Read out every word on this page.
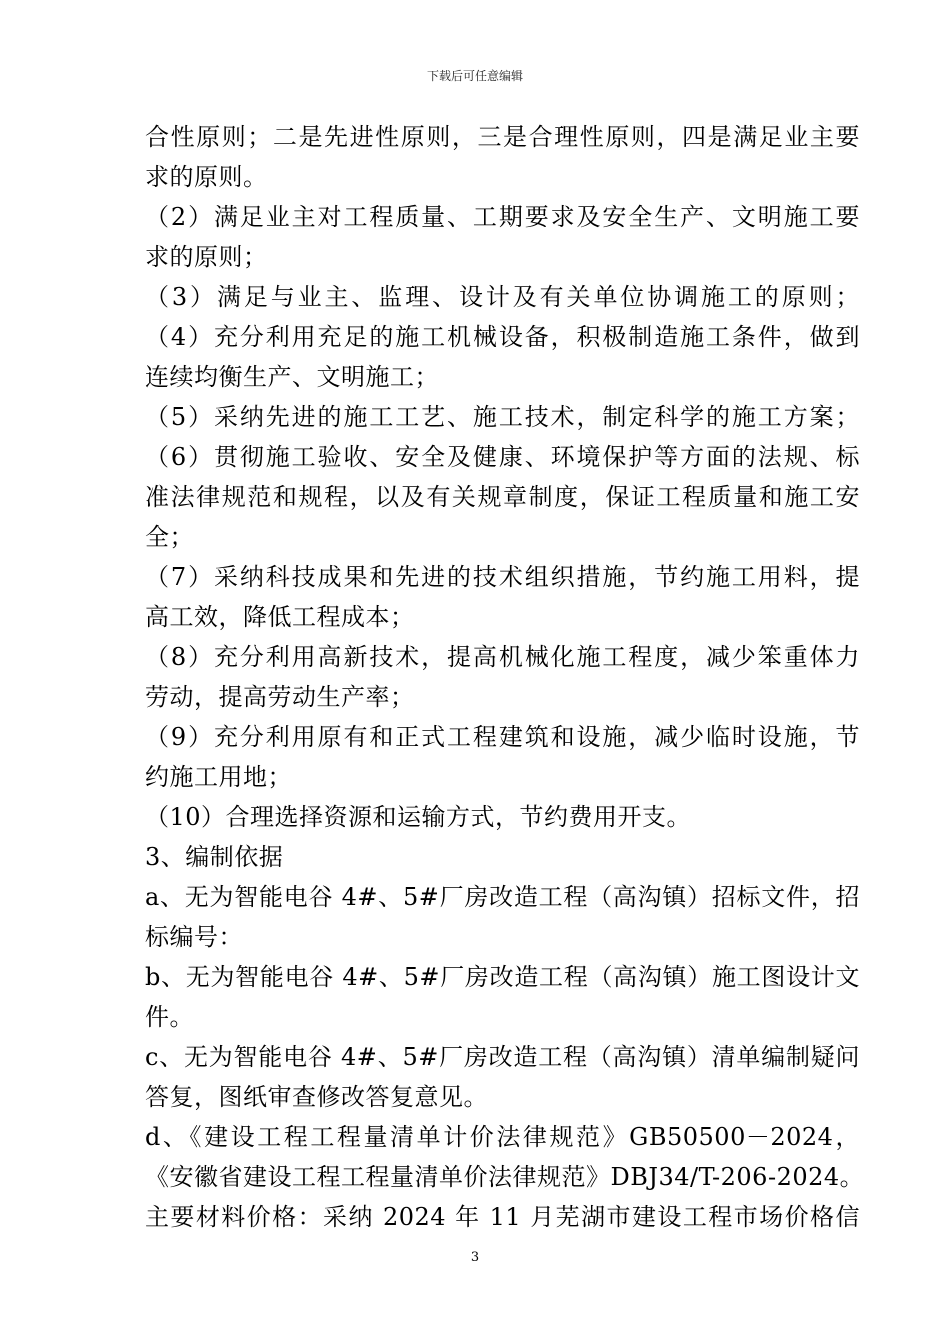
下载后可任意编辑
合性原则；二是先进性原则，三是合理性原则，四是满足业主要
求的原则。
（2）满足业主对工程质量、工期要求及安全生产、文明施工要
求的原则；
（3）满足与业主、监理、设计及有关单位协调施工的原则；
（4）充分利用充足的施工机械设备，积极制造施工条件，做到
连续均衡生产、文明施工；
（5）采纳先进的施工工艺、施工技术，制定科学的施工方案；
（6）贯彻施工验收、安全及健康、环境保护等方面的法规、标
准法律规范和规程，以及有关规章制度，保证工程质量和施工安
全；
（7）采纳科技成果和先进的技术组织措施，节约施工用料，提
高工效，降低工程成本；
（8）充分利用高新技术，提高机械化施工程度，减少笨重体力
劳动，提高劳动生产率；
（9）充分利用原有和正式工程建筑和设施，减少临时设施，节
约施工用地；
（10）合理选择资源和运输方式，节约费用开支。
3、编制依据
a、无为智能电谷 4#、5#厂房改造工程（高沟镇）招标文件，招
标编号：
b、无为智能电谷 4#、5#厂房改造工程（高沟镇）施工图设计文
件。
c、无为智能电谷 4#、5#厂房改造工程（高沟镇）清单编制疑问
答复，图纸审查修改答复意见。
d、《建设工程工程量清单计价法律规范》GB50500－2024，
《安徽省建设工程工程量清单价法律规范》DBJ34/T-206-2024。
主要材料价格：采纳 2024 年 11 月芜湖市建设工程市场价格信
3
